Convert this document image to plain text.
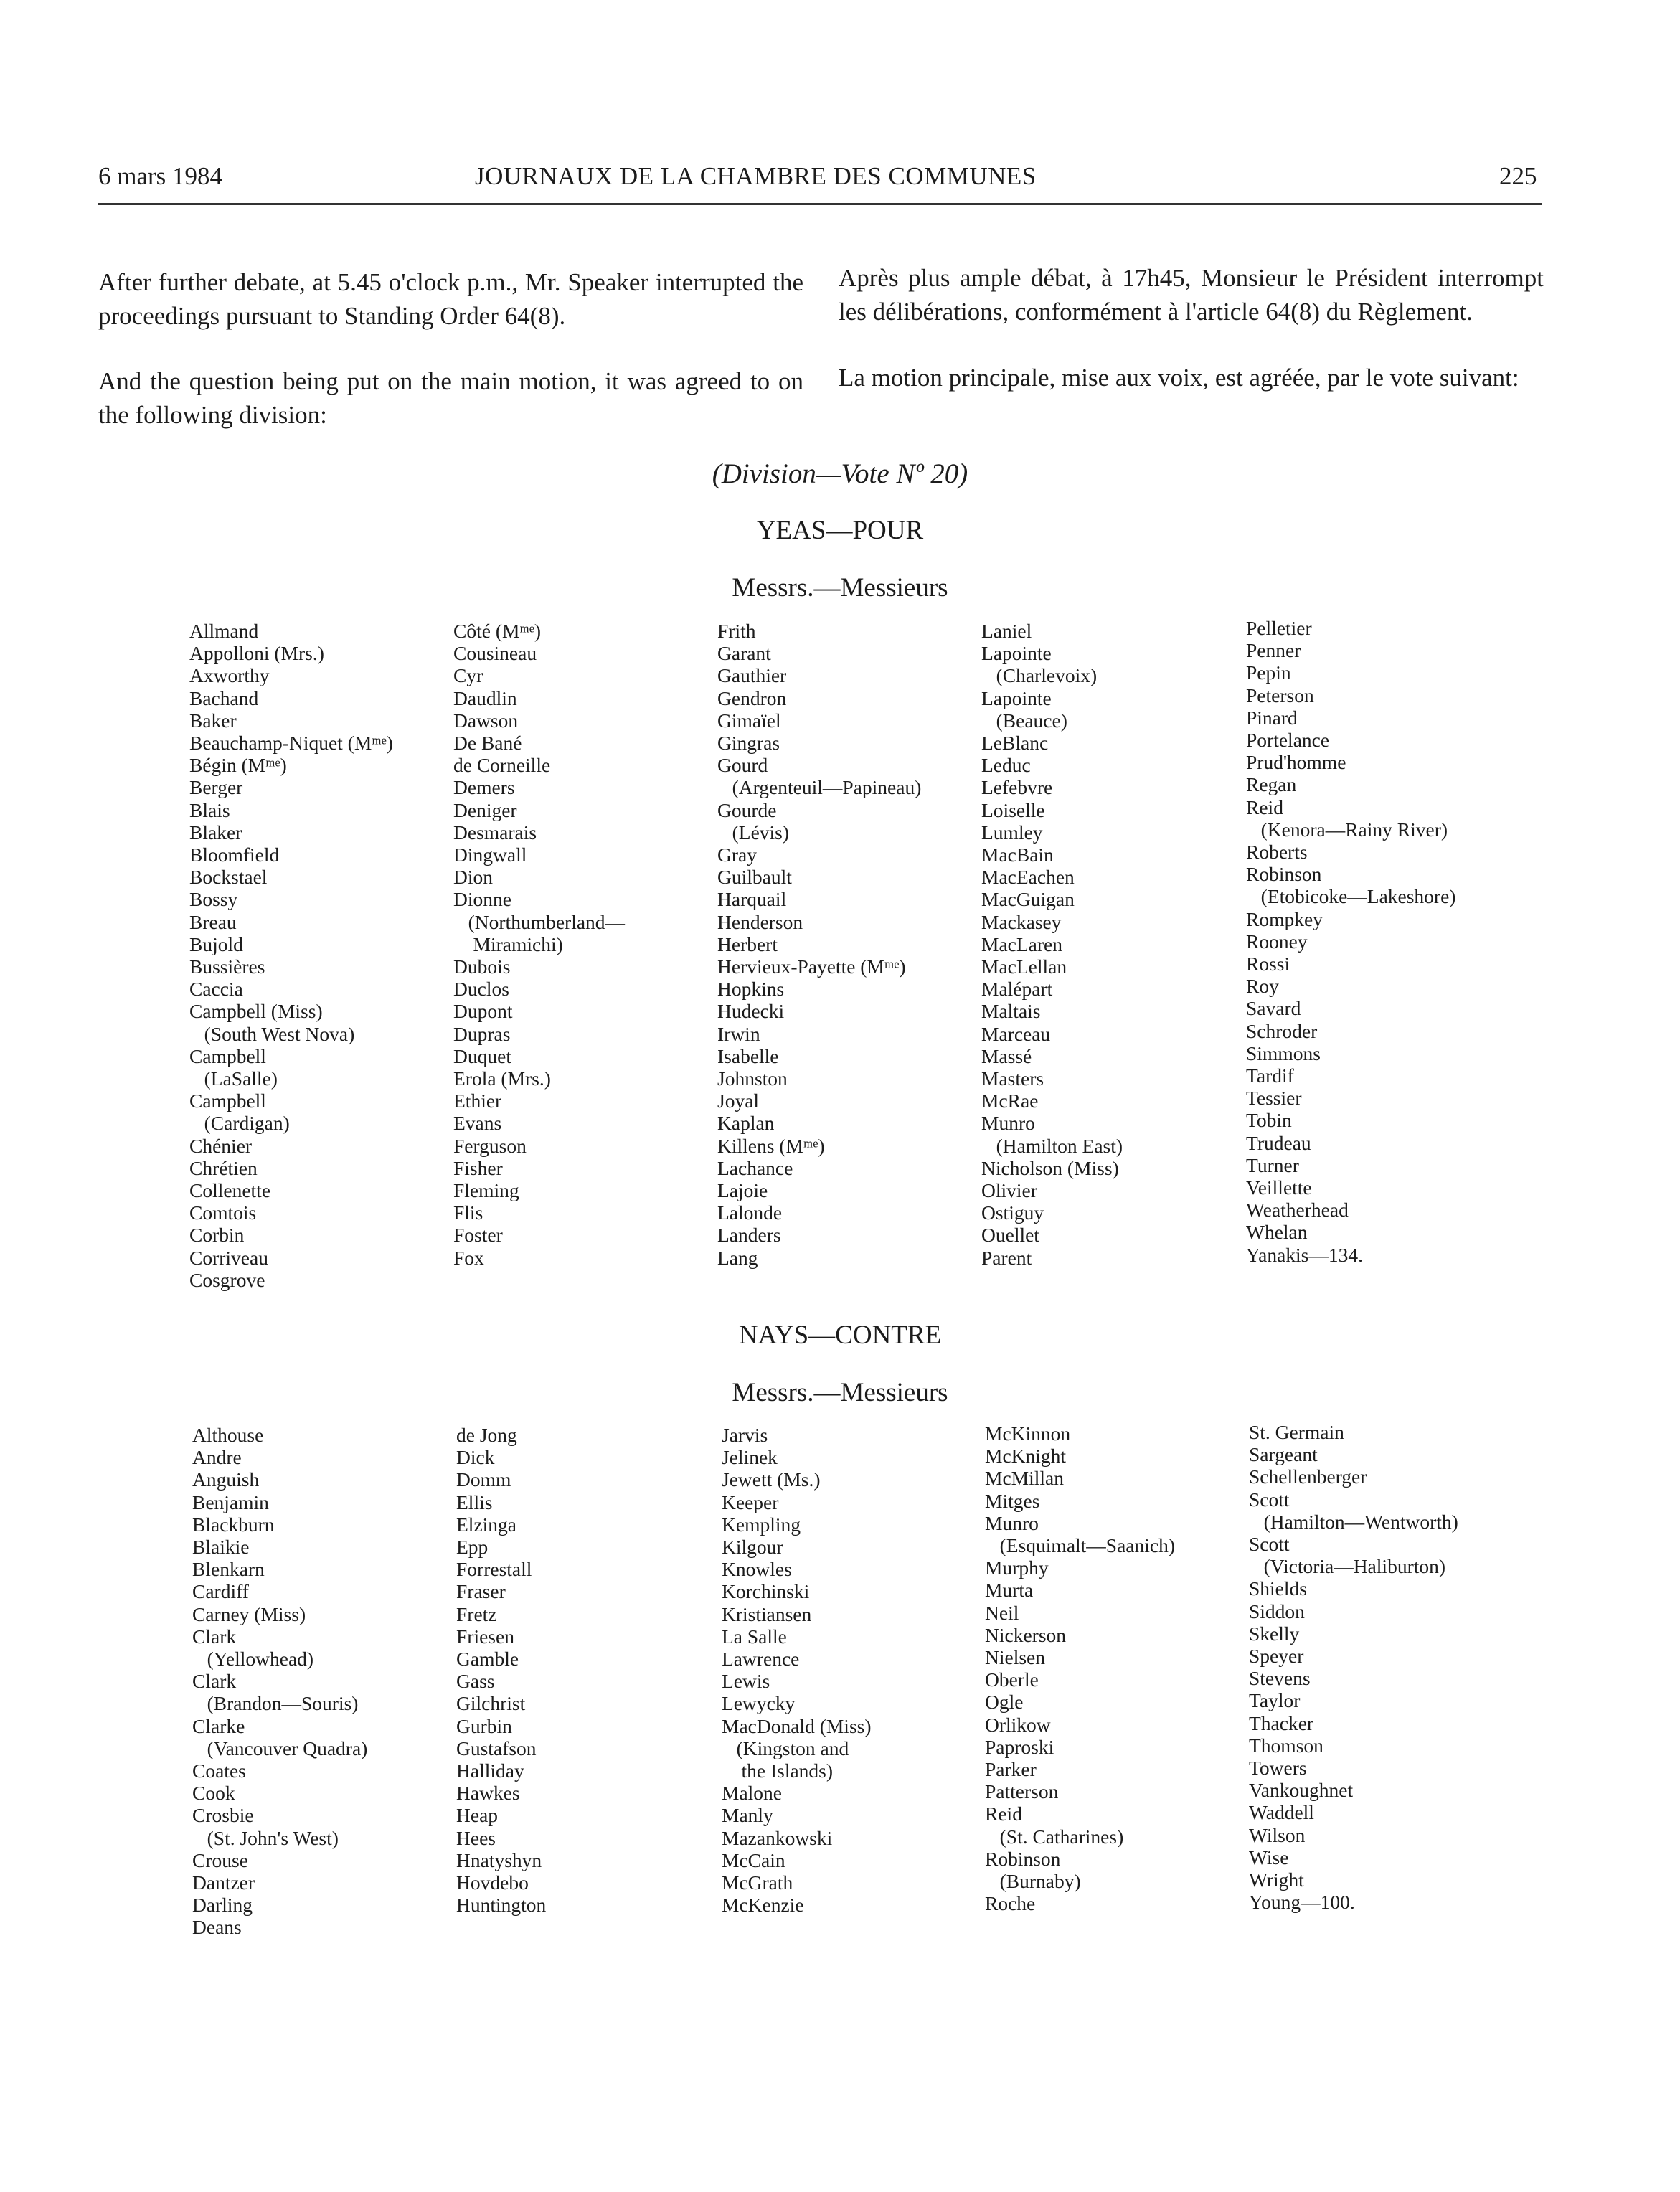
6 mars 1984	JOURNAUX DE LA CHAMBRE DES COMMUNES	225

After further debate, at 5.45 o'clock p.m., Mr. Speaker interrupted the proceedings pursuant to Standing Order 64(8).

Après plus ample débat, à 17h45, Monsieur le Président interrompt les délibérations, conformément à l'article 64(8) du Règlement.

And the question being put on the main motion, it was agreed to on the following division:

La motion principale, mise aux voix, est agréée, par le vote suivant:

(Division—Vote Nº 20)
YEAS—POUR
Messrs.—Messieurs
Allmand
Appolloni (Mrs.)
Axworthy
Bachand
Baker
Beauchamp-Niquet (Mᵐᵉ)
Bégin (Mᵐᵉ)
Berger
Blais
Blaker
Bloomfield
Bockstael
Bossy
Breau
Bujold
Bussières
Caccia
Campbell (Miss)
(South West Nova)
Campbell
(LaSalle)
Campbell
(Cardigan)
Chénier
Chrétien
Collenette
Comtois
Corbin
Corriveau
Cosgrove
Côté (Mᵐᵉ)
Cousineau
Cyr
Daudlin
Dawson
De Bané
de Corneille
Demers
Deniger
Desmarais
Dingwall
Dion
Dionne
(Northumberland—
Miramichi)
Dubois
Duclos
Dupont
Dupras
Duquet
Erola (Mrs.)
Ethier
Evans
Ferguson
Fisher
Fleming
Flis
Foster
Fox
Frith
Garant
Gauthier
Gendron
Gimaïel
Gingras
Gourd
(Argenteuil—Papineau)
Gourde
(Lévis)
Gray
Guilbault
Harquail
Henderson
Herbert
Hervieux-Payette (Mᵐᵉ)
Hopkins
Hudecki
Irwin
Isabelle
Johnston
Joyal
Kaplan
Killens (Mᵐᵉ)
Lachance
Lajoie
Lalonde
Landers
Lang
Laniel
Lapointe
(Charlevoix)
Lapointe
(Beauce)
LeBlanc
Leduc
Lefebvre
Loiselle
Lumley
MacBain
MacEachen
MacGuigan
Mackasey
MacLaren
MacLellan
Malépart
Maltais
Marceau
Massé
Masters
McRae
Munro
(Hamilton East)
Nicholson (Miss)
Olivier
Ostiguy
Ouellet
Parent
Pelletier
Penner
Pepin
Peterson
Pinard
Portelance
Prud'homme
Regan
Reid
(Kenora—Rainy River)
Roberts
Robinson
(Etobicoke—Lakeshore)
Rompkey
Rooney
Rossi
Roy
Savard
Schroder
Simmons
Tardif
Tessier
Tobin
Trudeau
Turner
Veillette
Weatherhead
Whelan
Yanakis—134.
NAYS—CONTRE
Messrs.—Messieurs
Althouse
Andre
Anguish
Benjamin
Blackburn
Blaikie
Blenkarn
Cardiff
Carney (Miss)
Clark
(Yellowhead)
Clark
(Brandon—Souris)
Clarke
(Vancouver Quadra)
Coates
Cook
Crosbie
(St. John's West)
Crouse
Dantzer
Darling
Deans
de Jong
Dick
Domm
Ellis
Elzinga
Epp
Forrestall
Fraser
Fretz
Friesen
Gamble
Gass
Gilchrist
Gurbin
Gustafson
Halliday
Hawkes
Heap
Hees
Hnatyshyn
Hovdebo
Huntington
Jarvis
Jelinek
Jewett (Ms.)
Keeper
Kempling
Kilgour
Knowles
Korchinski
Kristiansen
La Salle
Lawrence
Lewis
Lewycky
MacDonald (Miss)
(Kingston and
the Islands)
Malone
Manly
Mazankowski
McCain
McGrath
McKenzie
McKinnon
McKnight
McMillan
Mitges
Munro
(Esquimalt—Saanich)
Murphy
Murta
Neil
Nickerson
Nielsen
Oberle
Ogle
Orlikow
Paproski
Parker
Patterson
Reid
(St. Catharines)
Robinson
(Burnaby)
Roche
St. Germain
Sargeant
Schellenberger
Scott
(Hamilton—Wentworth)
Scott
(Victoria—Haliburton)
Shields
Siddon
Skelly
Speyer
Stevens
Taylor
Thacker
Thomson
Towers
Vankoughnet
Waddell
Wilson
Wise
Wright
Young—100.
